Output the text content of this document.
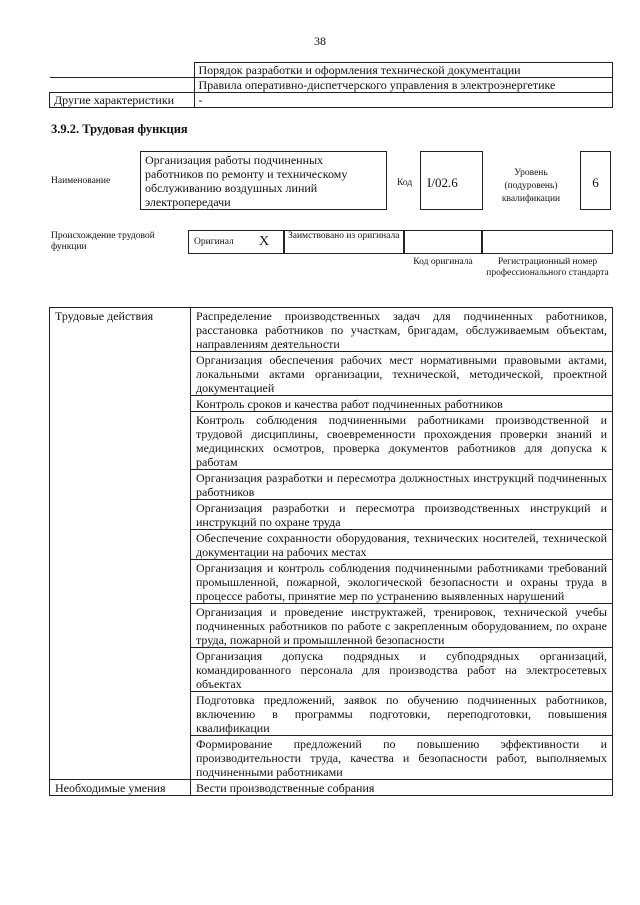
38
	Порядок разработки и оформления технической документации
	Правила оперативно-диспетчерского управления в электроэнергетике
Другие характеристики	-
3.9.2. Трудовая функция
Наименование
Организация работы подчиненных работников по ремонту и техническому обслуживанию воздушных линий электропередачи
Код	I/02.6
Уровень (подуровень) квалификации
6
Происхождение трудовой функции	Оригинал X	Заимствовано из оригинала
Код оригинала	Регистрационный номер профессионального стандарта
Трудовые действия	Распределение производственных задач для подчиненных работников, расстановка работников по участкам, бригадам, обслуживаемым объектам, направлениям деятельности
	Организация обеспечения рабочих мест нормативными правовыми актами, локальными актами организации, технической, методической, проектной документацией
	Контроль сроков и качества работ подчиненных работников
	Контроль соблюдения подчиненными работниками производственной и трудовой дисциплины, своевременности прохождения проверки знаний и медицинских осмотров, проверка документов работников для допуска к работам
	Организация разработки и пересмотра должностных инструкций подчиненных работников
	Организация разработки и пересмотра производственных инструкций и инструкций по охране труда
	Обеспечение сохранности оборудования, технических носителей, технической документации на рабочих местах
	Организация и контроль соблюдения подчиненными работниками требований промышленной, пожарной, экологической безопасности и охраны труда в процессе работы, принятие мер по устранению выявленных нарушений
	Организация и проведение инструктажей, тренировок, технической учебы подчиненных работников по работе с закрепленным оборудованием, по охране труда, пожарной и промышленной безопасности
	Организация допуска подрядных и субподрядных организаций, командированного персонала для производства работ на электросетевых объектах
	Подготовка предложений, заявок по обучению подчиненных работников, включению в программы подготовки, переподготовки, повышения квалификации
	Формирование предложений по повышению эффективности и производительности труда, качества и безопасности работ, выполняемых подчиненными работниками
Необходимые умения	Вести производственные собрания
